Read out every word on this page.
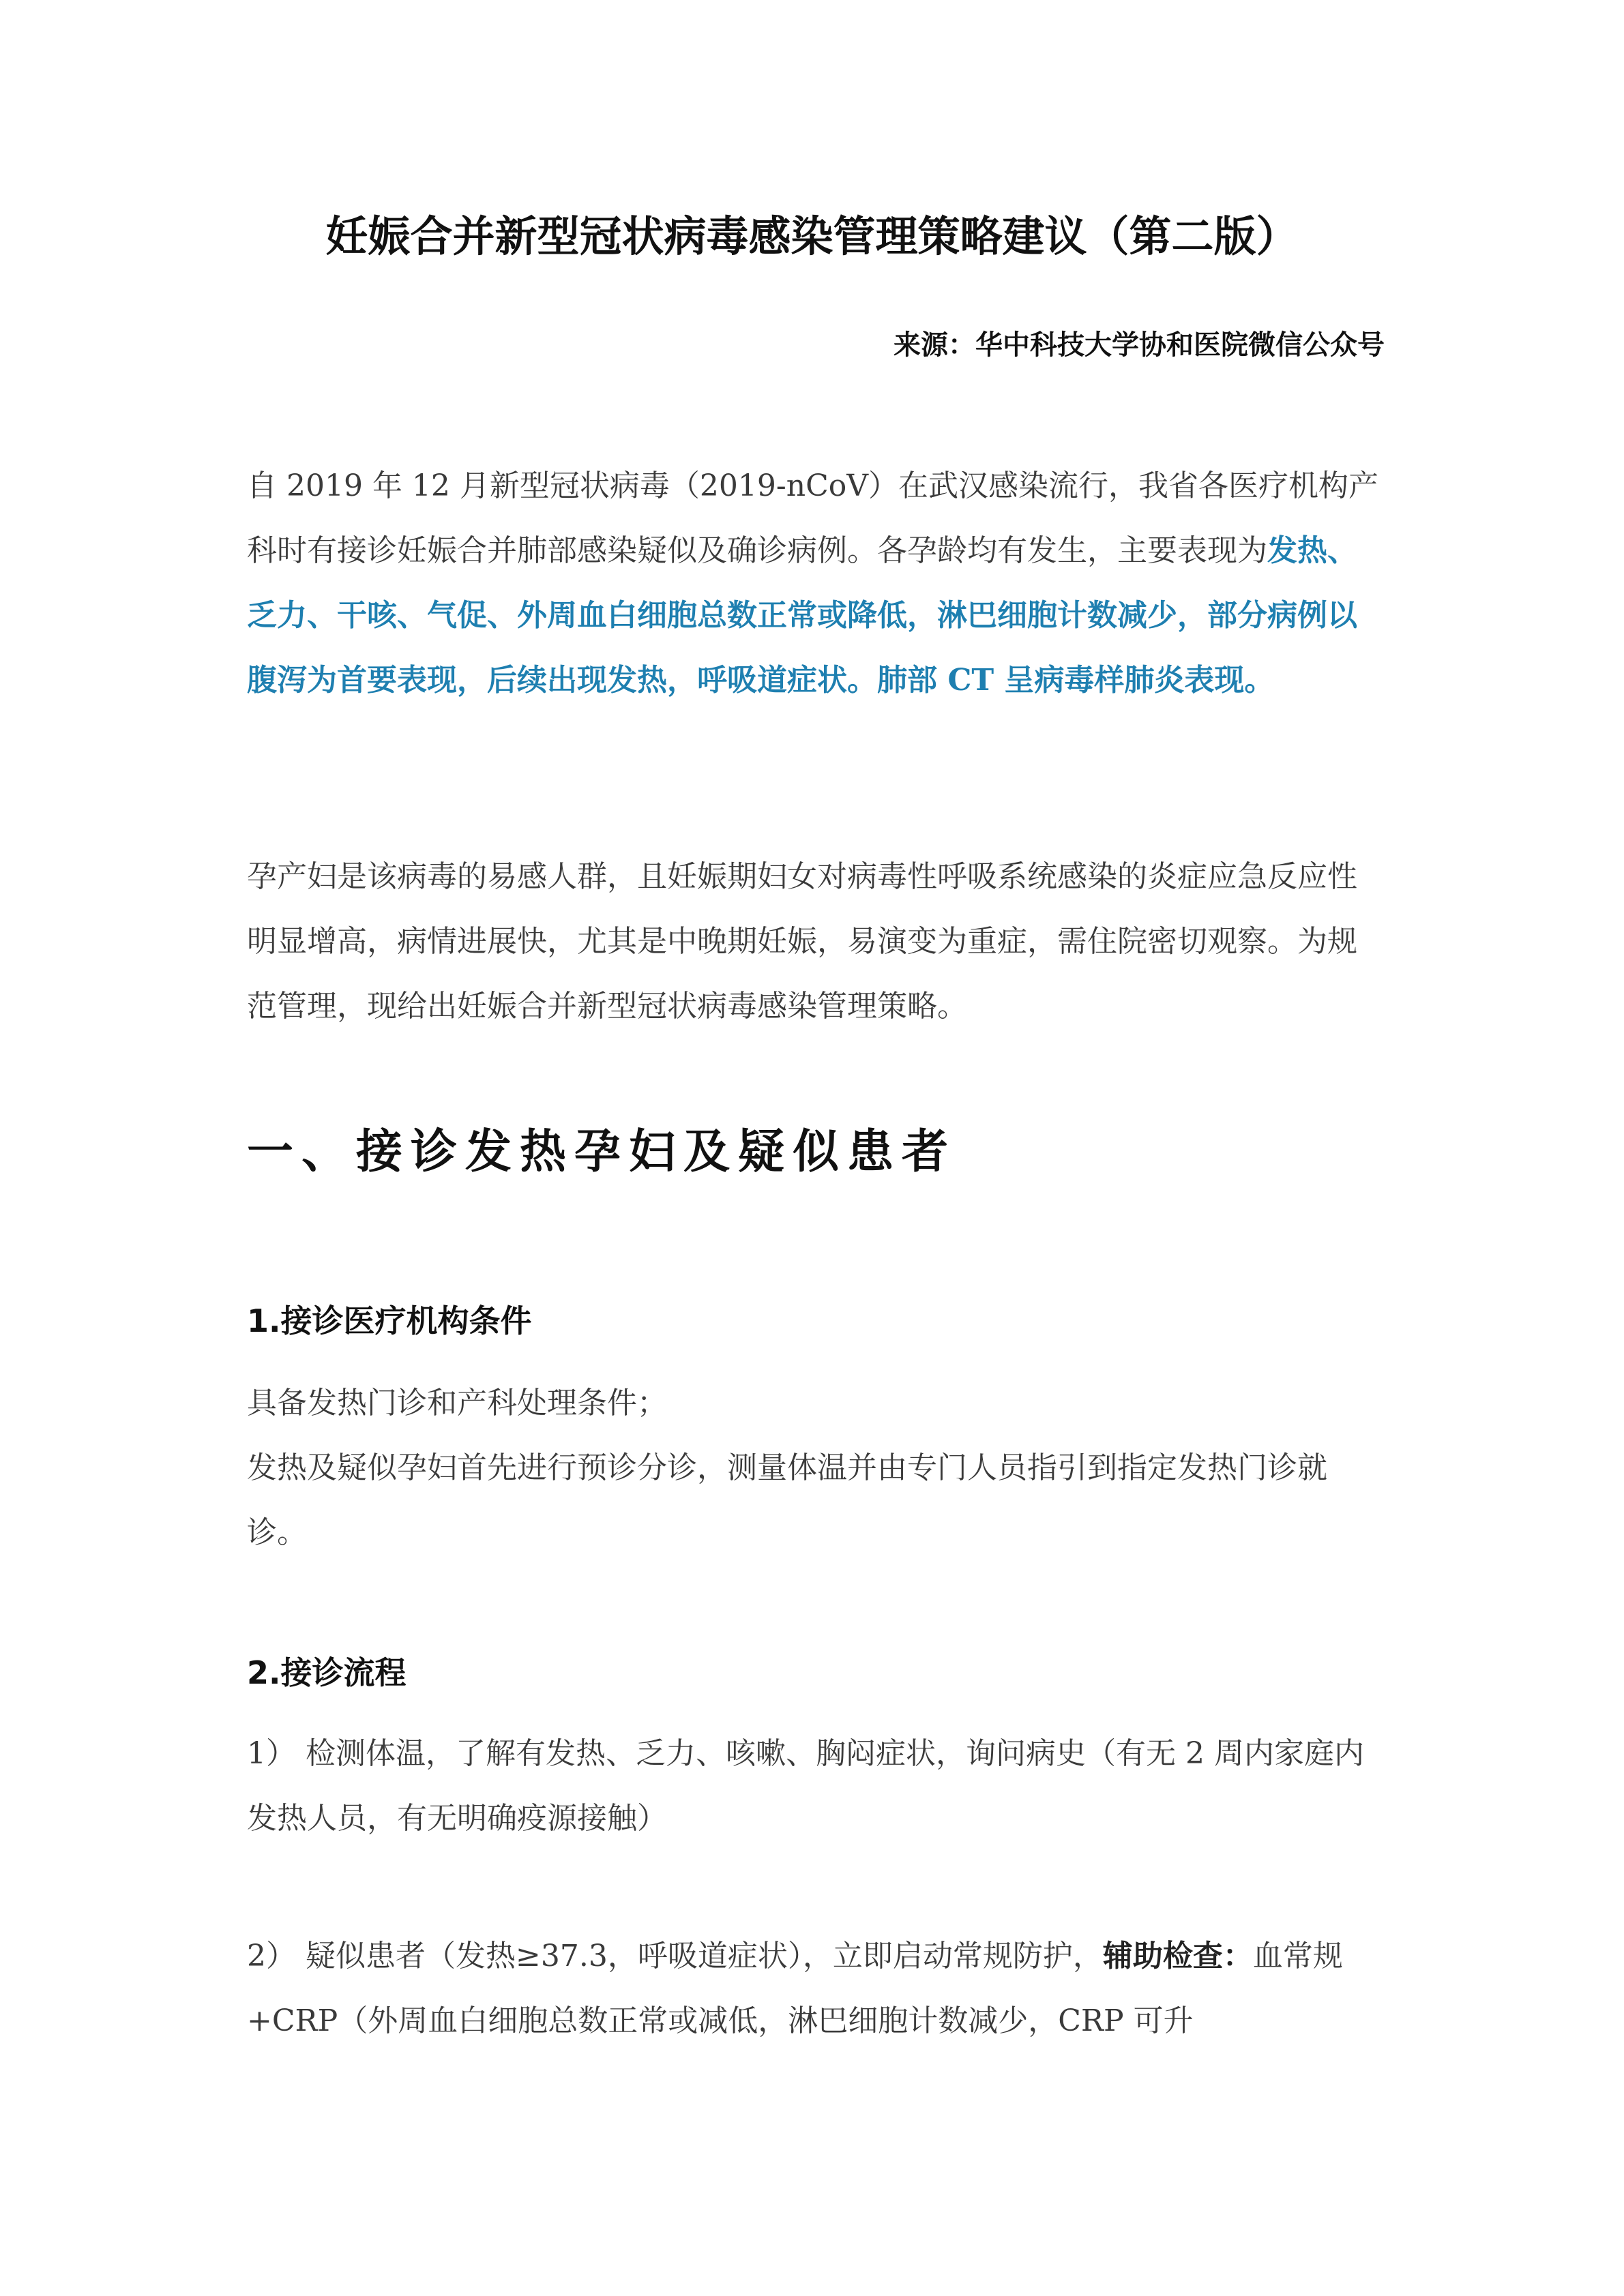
妊娠合并新型冠状病毒感染管理策略建议（第二版）

来源：华中科技大学协和医院微信公众号

自 2019 年 12 月新型冠状病毒（2019-nCoV）在武汉感染流行，我省各医疗机构产科时有接诊妊娠合并肺部感染疑似及确诊病例。各孕龄均有发生，主要表现为发热、乏力、干咳、气促、外周血白细胞总数正常或降低，淋巴细胞计数减少，部分病例以腹泻为首要表现，后续出现发热，呼吸道症状。肺部 CT 呈病毒样肺炎表现。

孕产妇是该病毒的易感人群，且妊娠期妇女对病毒性呼吸系统感染的炎症应急反应性明显增高，病情进展快，尤其是中晚期妊娠，易演变为重症，需住院密切观察。为规范管理，现给出妊娠合并新型冠状病毒感染管理策略。

一、接诊发热孕妇及疑似患者
1.接诊医疗机构条件

具备发热门诊和产科处理条件；
发热及疑似孕妇首先进行预诊分诊，测量体温并由专门人员指引到指定发热门诊就诊。

2.接诊流程

1） 检测体温，了解有发热、乏力、咳嗽、胸闷症状，询问病史（有无 2 周内家庭内发热人员，有无明确疫源接触）

2） 疑似患者（发热≥37.3，呼吸道症状），立即启动常规防护，辅助检查：血常规+CRP（外周血白细胞总数正常或减低，淋巴细胞计数减少，CRP 可升
